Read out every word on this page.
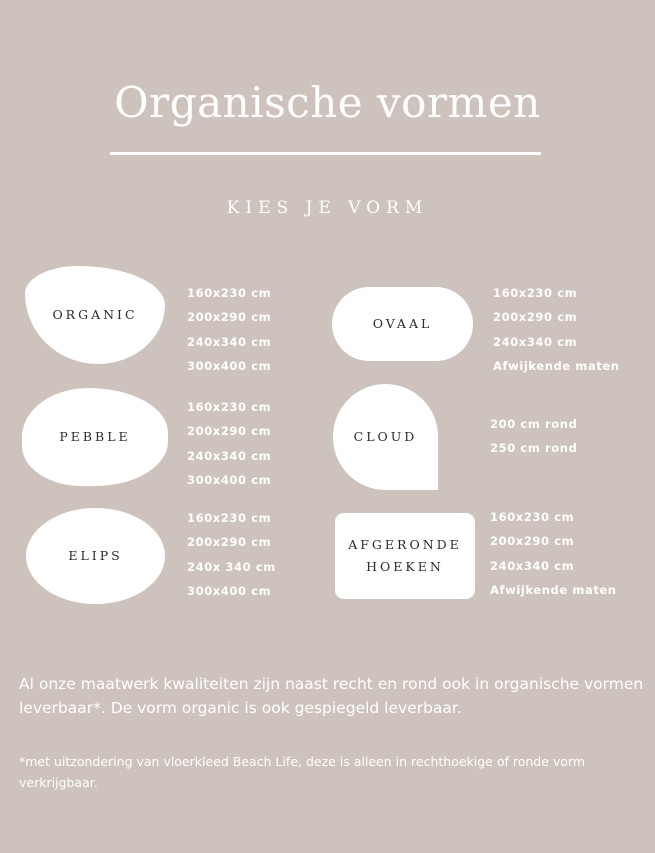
Organische vormen
KIES JE VORM
ORGANIC
160x230 cm
200x290 cm
240x340 cm
300x400 cm
OVAAL
160x230 cm
200x290 cm
240x340 cm
Afwijkende maten
PEBBLE
160x230 cm
200x290 cm
240x340 cm
300x400 cm
CLOUD
200 cm rond
250 cm rond
ELIPS
160x230 cm
200x290 cm
240x 340 cm
300x400 cm
AFGERONDE
HOEKEN
160x230 cm
200x290 cm
240x340 cm
Afwijkende maten
Al onze maatwerk kwaliteiten zijn naast recht en rond ook in organische vormen leverbaar*. De vorm organic is ook gespiegeld leverbaar.
*met uitzondering van vloerkleed Beach Life, deze is alleen in rechthoekige of ronde vorm verkrijgbaar.
